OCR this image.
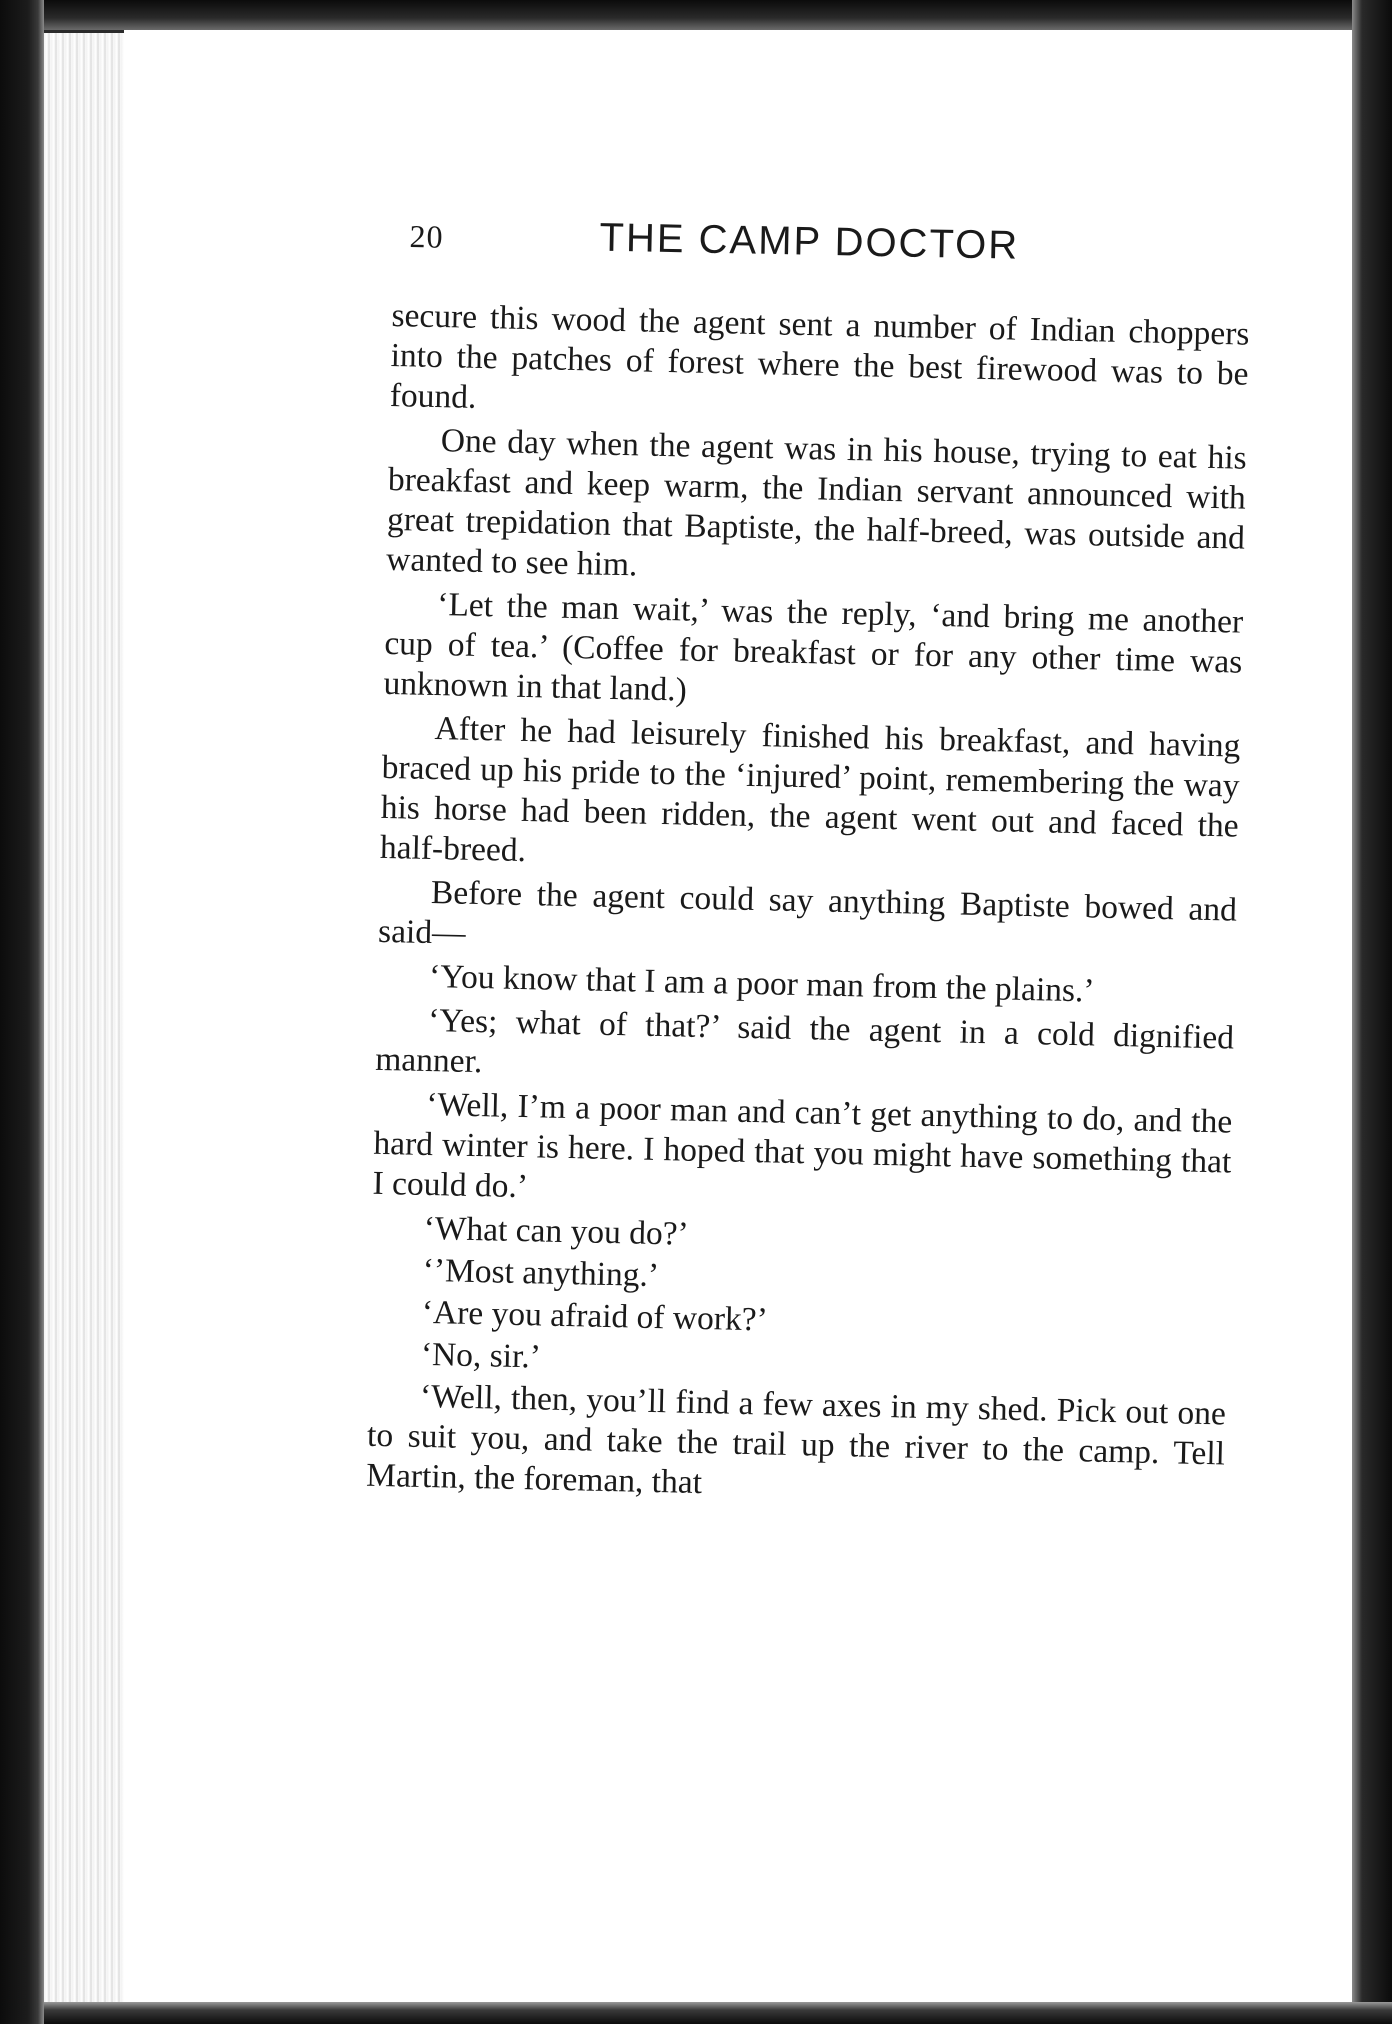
20	THE CAMP DOCTOR

secure this wood the agent sent a number of Indian choppers into the patches of forest where the best firewood was to be found.

One day when the agent was in his house, trying to eat his breakfast and keep warm, the Indian servant announced with great trepidation that Baptiste, the half-breed, was outside and wanted to see him.

‘Let the man wait,’ was the reply, ‘and bring me another cup of tea.’ (Coffee for breakfast or for any other time was unknown in that land.)

After he had leisurely finished his breakfast, and having braced up his pride to the ‘injured’ point, remembering the way his horse had been ridden, the agent went out and faced the half-breed.

Before the agent could say anything Baptiste bowed and said—

‘You know that I am a poor man from the plains.’

‘Yes; what of that?’ said the agent in a cold dignified manner.

‘Well, I’m a poor man and can’t get anything to do, and the hard winter is here. I hoped that you might have something that I could do.’

‘What can you do?’

‘’Most anything.’

‘Are you afraid of work?’

‘No, sir.’

‘Well, then, you’ll find a few axes in my shed. Pick out one to suit you, and take the trail up the river to the camp. Tell Martin, the foreman, that
